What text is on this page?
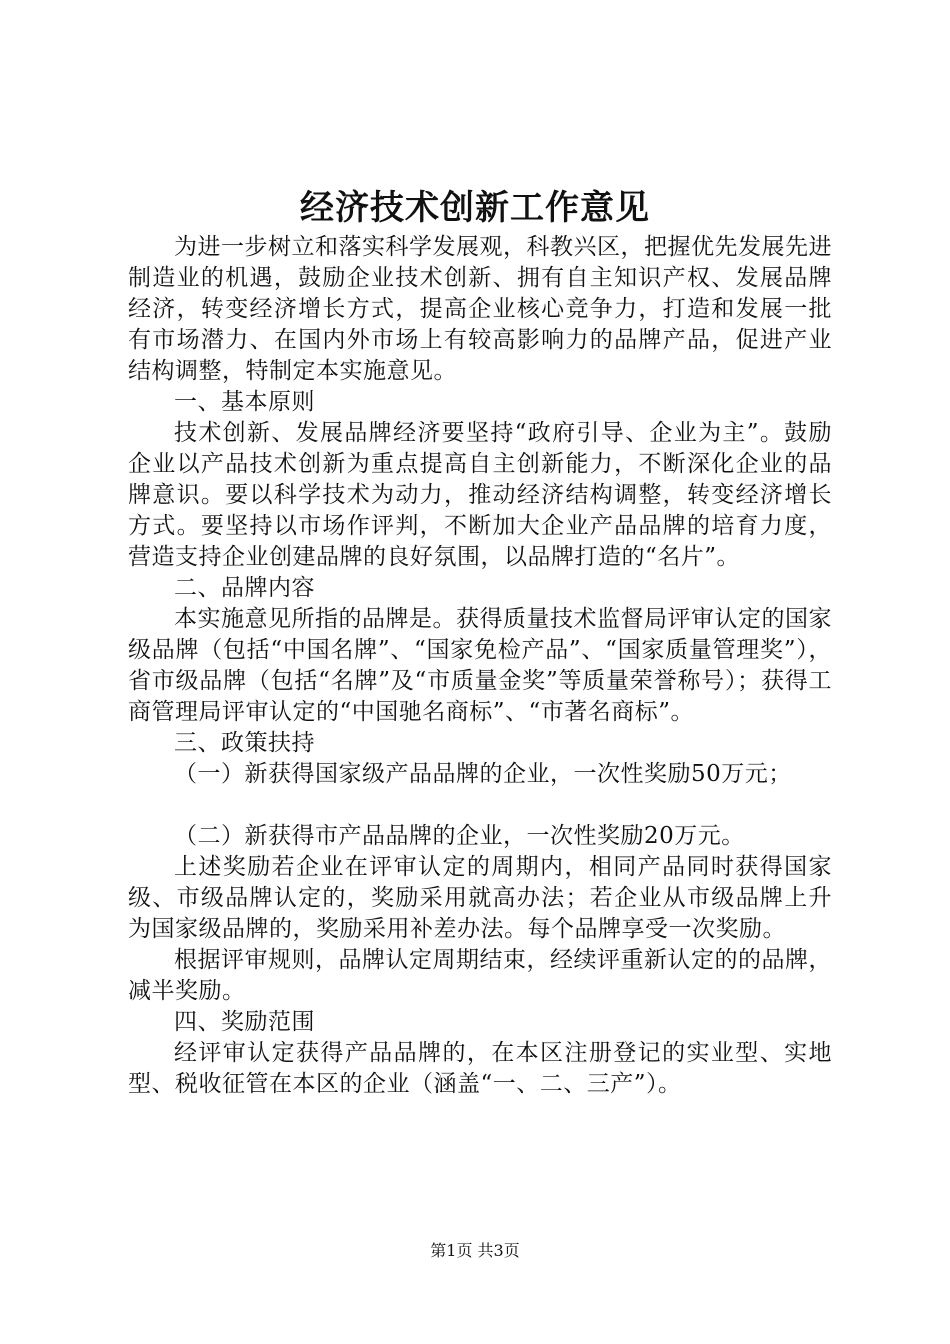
经济技术创新工作意见

为进一步树立和落实科学发展观，科教兴区，把握优先发展先进制造业的机遇，鼓励企业技术创新、拥有自主知识产权、发展品牌经济，转变经济增长方式，提高企业核心竞争力，打造和发展一批有市场潜力、在国内外市场上有较高影响力的品牌产品，促进产业结构调整，特制定本实施意见。

一、基本原则

技术创新、发展品牌经济要坚持“政府引导、企业为主”。鼓励企业以产品技术创新为重点提高自主创新能力，不断深化企业的品牌意识。要以科学技术为动力，推动经济结构调整，转变经济增长方式。要坚持以市场作评判，不断加大企业产品品牌的培育力度，营造支持企业创建品牌的良好氛围，以品牌打造的“名片”。

二、品牌内容

本实施意见所指的品牌是。获得质量技术监督局评审认定的国家级品牌（包括“中国名牌”、“国家免检产品”、“国家质量管理奖”），省市级品牌（包括“名牌”及“市质量金奖”等质量荣誉称号）；获得工商管理局评审认定的“中国驰名商标”、“市著名商标”。

三、政策扶持

（一）新获得国家级产品品牌的企业，一次性奖励50万元；

（二）新获得市产品品牌的企业，一次性奖励20万元。

上述奖励若企业在评审认定的周期内，相同产品同时获得国家级、市级品牌认定的，奖励采用就高办法；若企业从市级品牌上升为国家级品牌的，奖励采用补差办法。每个品牌享受一次奖励。

根据评审规则，品牌认定周期结束，经续评重新认定的的品牌，减半奖励。

四、奖励范围

经评审认定获得产品品牌的，在本区注册登记的实业型、实地型、税收征管在本区的企业（涵盖“一、二、三产”）。

第1页 共3页
